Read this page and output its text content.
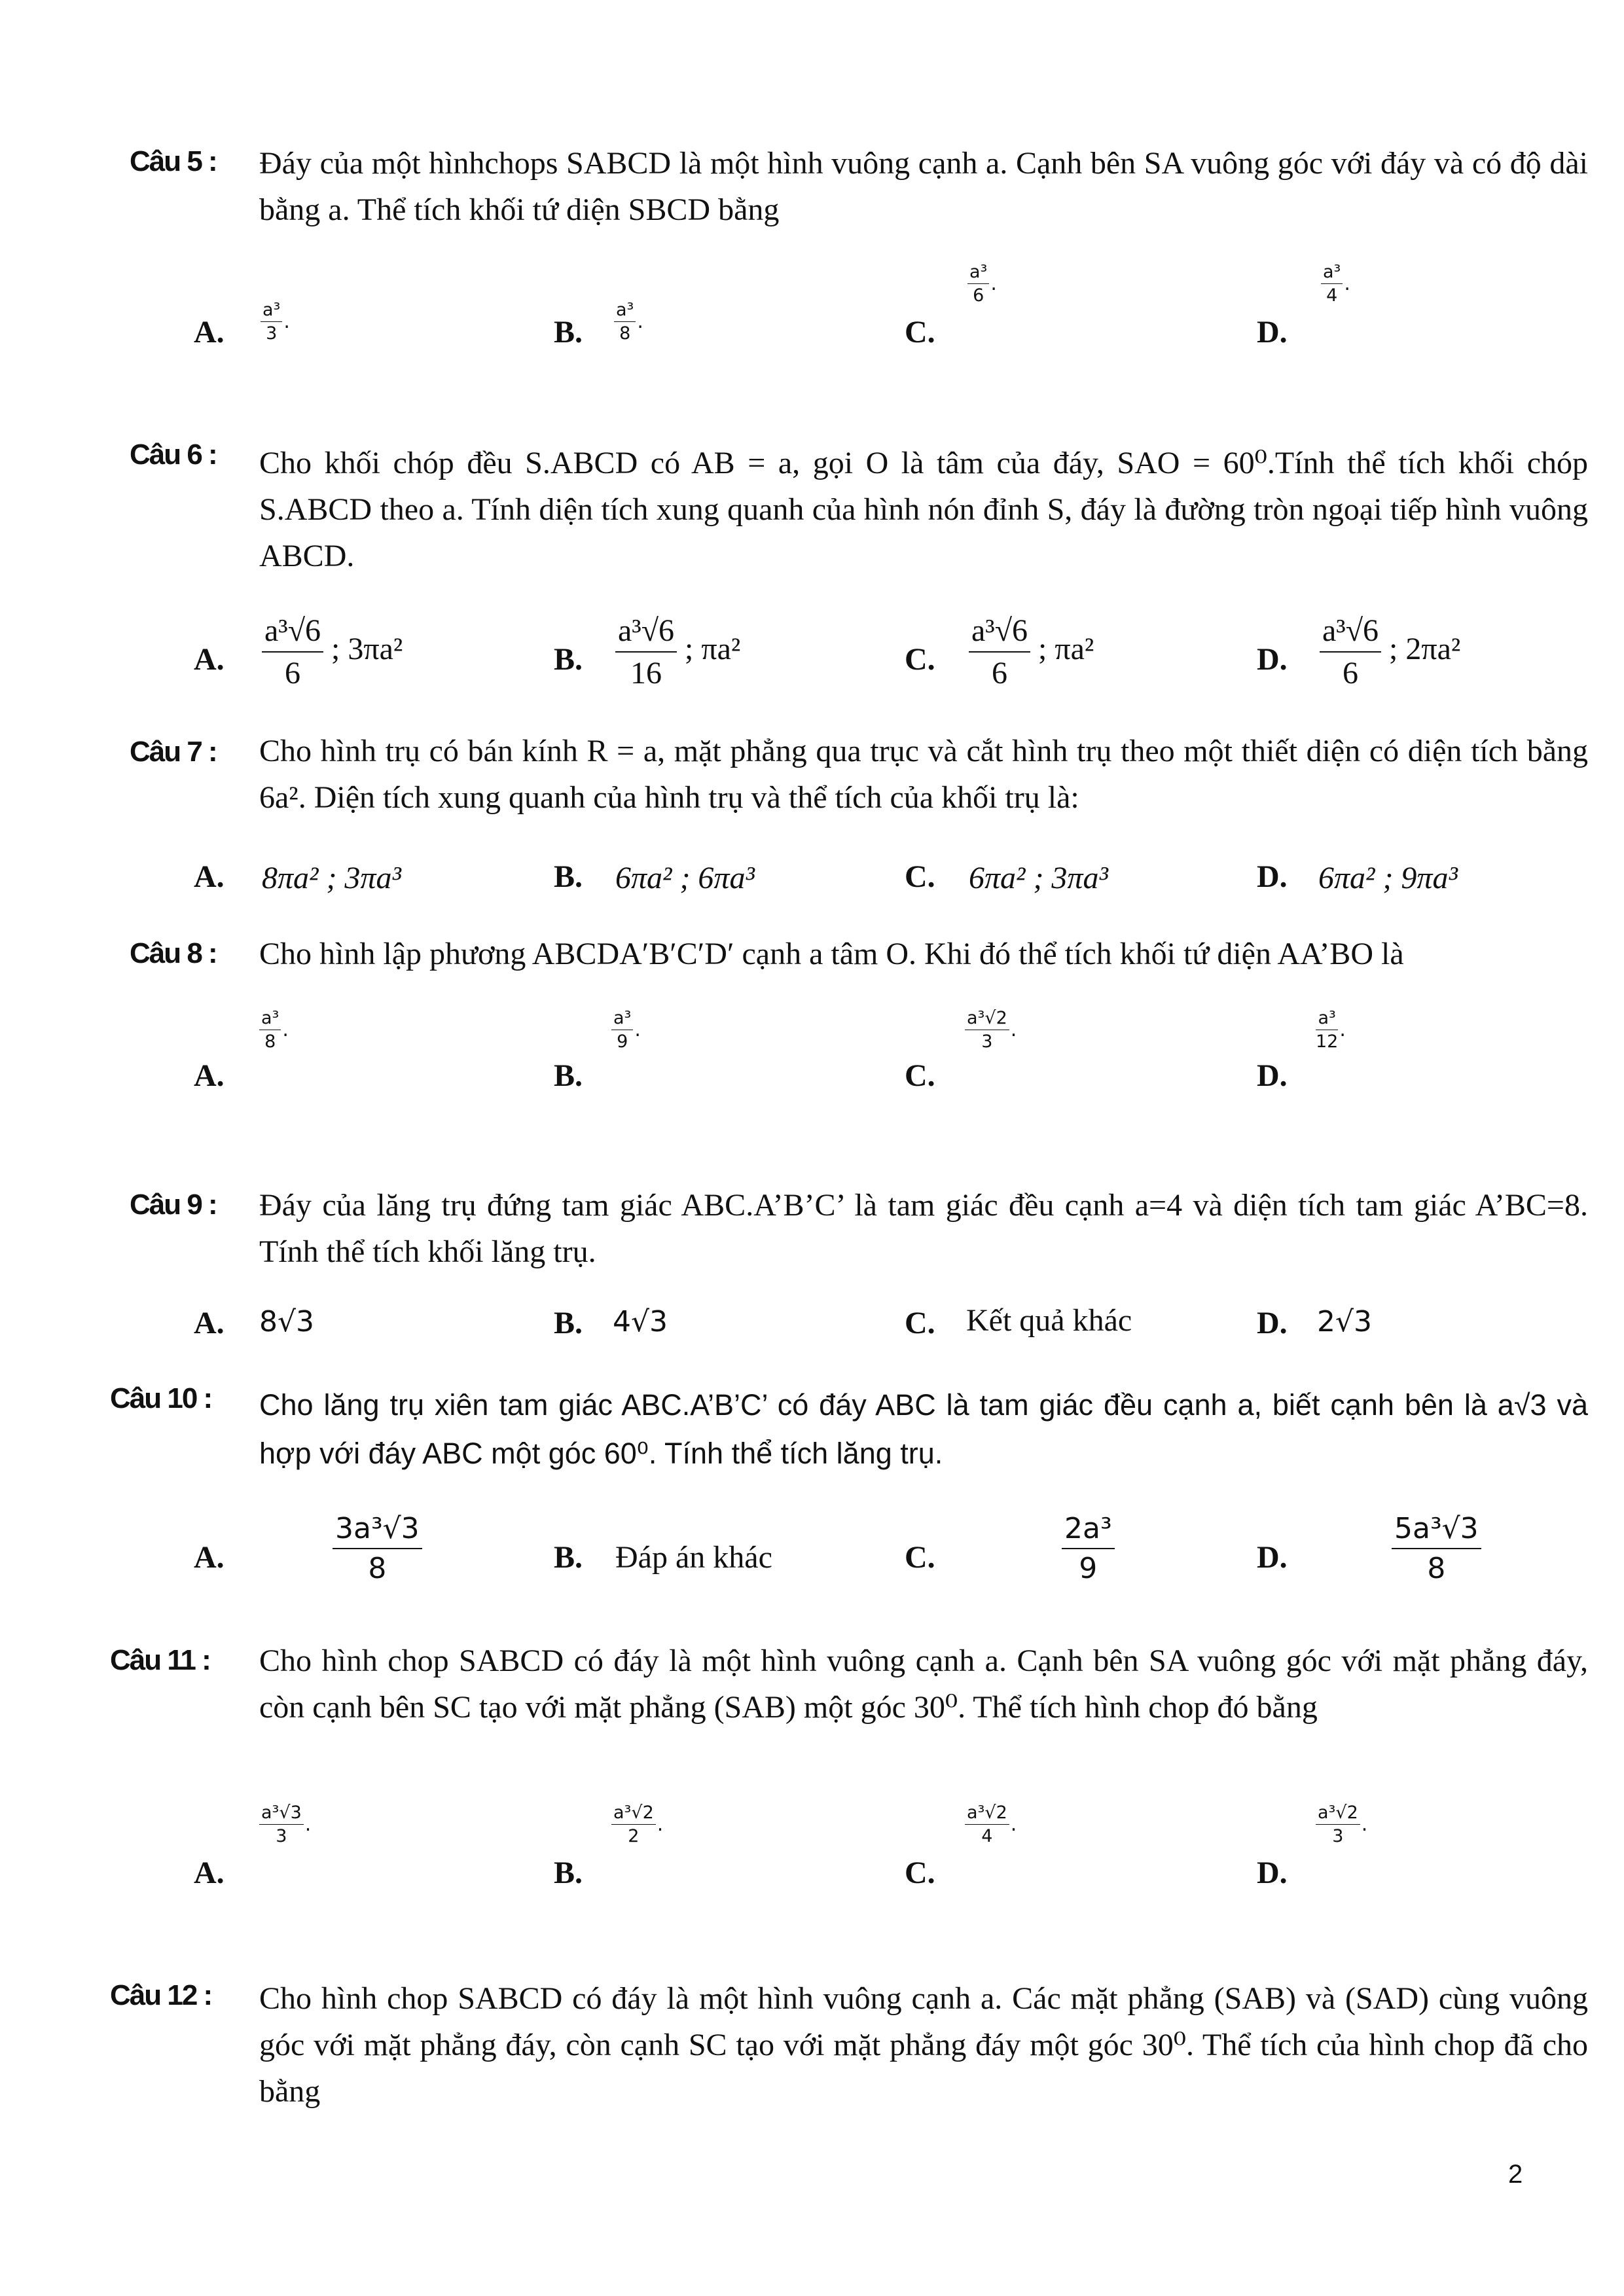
Câu 5 : Đáy của một hìnhchops SABCD là một hình vuông cạnh a. Cạnh bên SA vuông góc với đáy và có độ dài bằng a. Thể tích khối tứ diện SBCD bằng
A. $\frac{\text{a³}}{3}$ .	B. $\frac{\text{a³}}{8}$ .	C.
$\frac{\text{a³}}{6}$ .
D.
$\frac{\text{a³}}{4}$ .
Câu 6 : Cho khối chóp đều S.ABCD có AB = a, gọi O là tâm của đáy, SAO = 60⁰.Tính thể tích khối chóp S.ABCD theo a. Tính diện tích xung quanh của hình nón đỉnh S, đáy là đường tròn ngoại tiếp hình vuông ABCD.
A. $\frac{\text{a³√6}}{6}$ ; 3πa²	B. $\frac{\text{a³√6}}{16}$ ; πa²	C. $\frac{\text{a³√6}}{6}$ ; πa²	D. $\frac{\text{a³√6}}{6}$ ; 2πa²
Câu 7 : Cho hình trụ có bán kính R = a, mặt phẳng qua trục và cắt hình trụ theo một thiết diện có diện tích bằng 6a². Diện tích xung quanh của hình trụ và thể tích của khối trụ là:
A. 8πa² ; 3πa³	B. 6πa² ; 6πa³	C. 6πa² ; 3πa³	D. 6πa² ; 9πa³
Câu 8 : Cho hình lập phương ABCDA′B′C′D′ cạnh a tâm O. Khi đó thể tích khối tứ diện AA’BO là
A.
$\frac{\text{a³}}{8}$ .
B.
$\frac{\text{a³}}{9}$ .
C.
$\frac{\text{a³√2}}{3}$ .
D.
$\frac{\text{a³}}{12}$ .
Câu 9 : Đáy của lăng trụ đứng tam giác ABC.A’B’C’ là tam giác đều cạnh a=4 và diện tích tam giác A’BC=8. Tính thể tích khối lăng trụ.
A. 8√3	B. 4√3	C. Kết quả khác	D. 2√3
Câu 10 : Cho lăng trụ xiên tam giác ABC.A’B’C’ có đáy ABC là tam giác đều cạnh a, biết cạnh bên là a√3 và hợp với đáy ABC một góc 60⁰. Tính thể tích lăng trụ.
A.	$\frac{\text{3a³√3}}{8}$	B. Đáp án khác	C.	$\frac{\text{2a³}}{9}$	D.	$\frac{\text{5a³√3}}{8}$
Câu 11 : Cho hình chop SABCD có đáy là một hình vuông cạnh a. Cạnh bên SA vuông góc với mặt phẳng đáy, còn cạnh bên SC tạo với mặt phẳng (SAB) một góc 30⁰. Thể tích hình chop đó bằng
A.
$\frac{\text{a³√3}}{3}$ .
B.
$\frac{\text{a³√2}}{2}$ .
C.
$\frac{\text{a³√2}}{4}$ .
D.
$\frac{\text{a³√2}}{3}$ .
Câu 12 : Cho hình chop SABCD có đáy là một hình vuông cạnh a. Các mặt phẳng (SAB) và (SAD) cùng vuông góc với mặt phẳng đáy, còn cạnh SC tạo với mặt phẳng đáy một góc 30⁰. Thể tích của hình chop đã cho bằng
2
